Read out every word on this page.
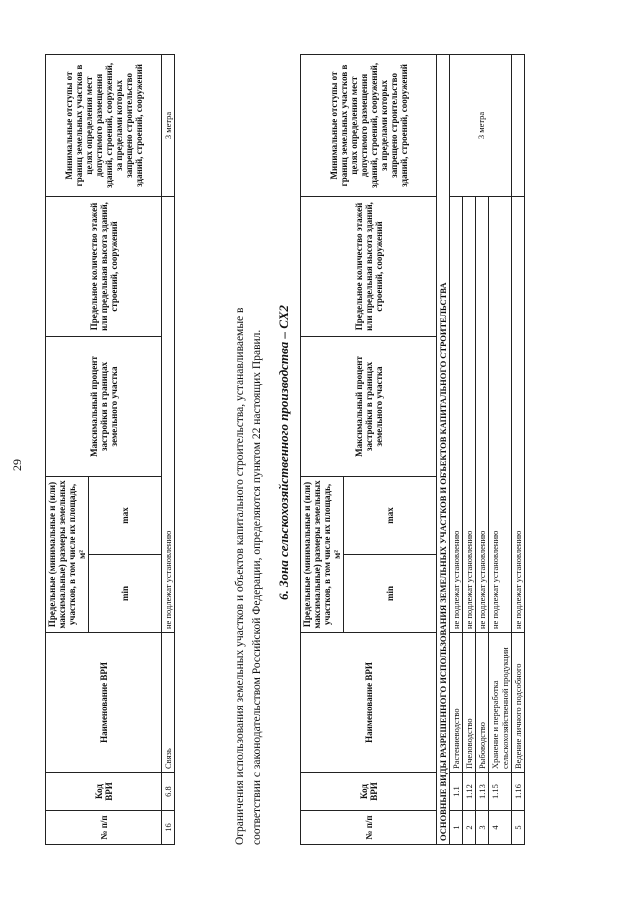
29
№ п/п	Код ВРИ	Наименование ВРИ	Предельные (минимальные и (или) максимальные) размеры земельных участков, в том числе их площадь, м²		Максимальный процент застройки в границах земельного участка	Предельное количество этажей или предельная высота зданий, строений, сооружений	Минимальные отступы от границ земельных участков в целях определения мест допустимого размещения зданий, строений, сооружений, за пределами которых запрещено строительство зданий, строений, сооружений
			min	max			
16	6.8	Связь	не подлежат установлению				3 метра
Ограничения использования земельных участков и объектов капитального строительства, устанавливаемые в соответствии с законодательством Российской Федерации, определяются пунктом 22 настоящих Правил. 6. Зона сельскохозяйственного производства – СХ2
№ п/п	Код ВРИ	Наименование ВРИ	Предельные (минимальные и (или) максимальные) размеры земельных участков, в том числе их площадь, м²		Максимальный процент застройки в границах земельного участка	Предельное количество этажей или предельная высота зданий, строений, сооружений	Минимальные отступы от границ земельных участков в целях определения мест допустимого размещения зданий, строений, сооружений, за пределами которых запрещено строительство зданий, строений, сооружений
			min	max			
ОСНОВНЫЕ ВИДЫ РАЗРЕШЕННОГО ИСПОЛЬЗОВАНИЯ ЗЕМЕЛЬНЫХ УЧАСТКОВ И ОБЪЕКТОВ КАПИТАЛЬНОГО СТРОИТЕЛЬСТВА							
1	1.1	Растениеводство	не подлежат установлению				3 метра
2	1.12	Пчеловодство	не подлежат установлению				
3	1.13	Рыбоводство	не подлежат установлению				
4	1.15	Хранение и переработка сельскохозяйственной продукции	не подлежат установлению				
5	1.16	Ведение личного подсобного	не подлежат установлению				
